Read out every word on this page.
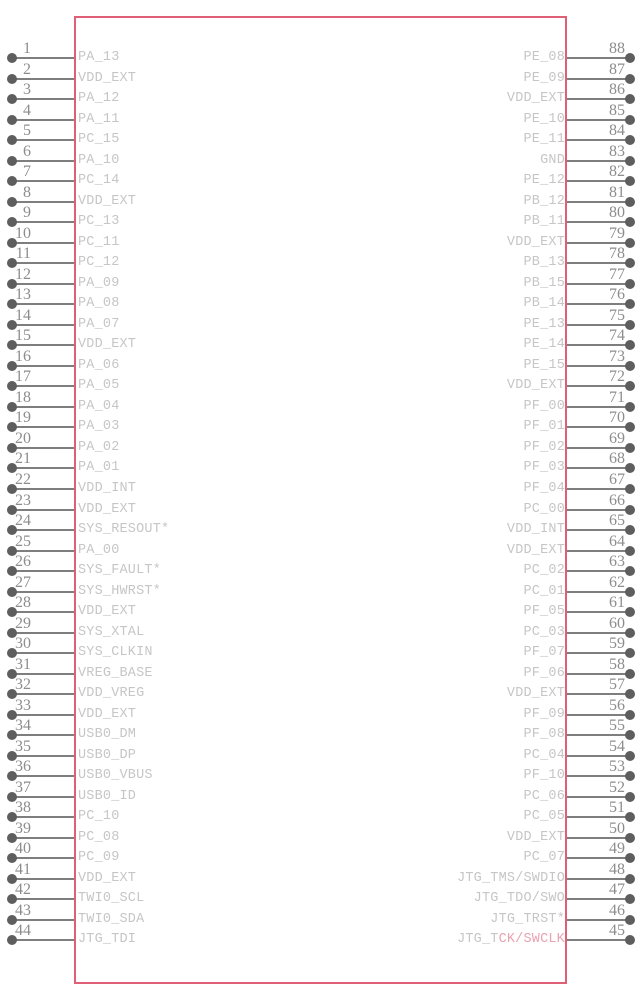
1
PA_13
2
VDD_EXT
3
PA_12
4
PA_11
5
PC_15
6
PA_10
7
PC_14
8
VDD_EXT
9
PC_13
10
PC_11
11
PC_12
12
PA_09
13
PA_08
14
PA_07
15
VDD_EXT
16
PA_06
17
PA_05
18
PA_04
19
PA_03
20
PA_02
21
PA_01
22
VDD_INT
23
VDD_EXT
24
SYS_RESOUT*
25
PA_00
26
SYS_FAULT*
27
SYS_HWRST*
28
VDD_EXT
29
SYS_XTAL
30
SYS_CLKIN
31
VREG_BASE
32
VDD_VREG
33
VDD_EXT
34
USB0_DM
35
USB0_DP
36
USB0_VBUS
37
USB0_ID
38
PC_10
39
PC_08
40
PC_09
41
VDD_EXT
42
TWI0_SCL
43
TWI0_SDA
44
JTG_TDI
88
PE_08
87
PE_09
86
VDD_EXT
85
PE_10
84
PE_11
83
GND
82
PE_12
81
PB_12
80
PB_11
79
VDD_EXT
78
PB_13
77
PB_15
76
PB_14
75
PE_13
74
PE_14
73
PE_15
72
VDD_EXT
71
PF_00
70
PF_01
69
PF_02
68
PF_03
67
PF_04
66
PC_00
65
VDD_INT
64
VDD_EXT
63
PC_02
62
PC_01
61
PF_05
60
PC_03
59
PF_07
58
PF_06
57
VDD_EXT
56
PF_09
55
PF_08
54
PC_04
53
PF_10
52
PC_06
51
PC_05
50
VDD_EXT
49
PC_07
48
JTG_TMS/SWDIO
47
JTG_TDO/SWO
46
JTG_TRST*
45
JTG_TCK/SWCLK
